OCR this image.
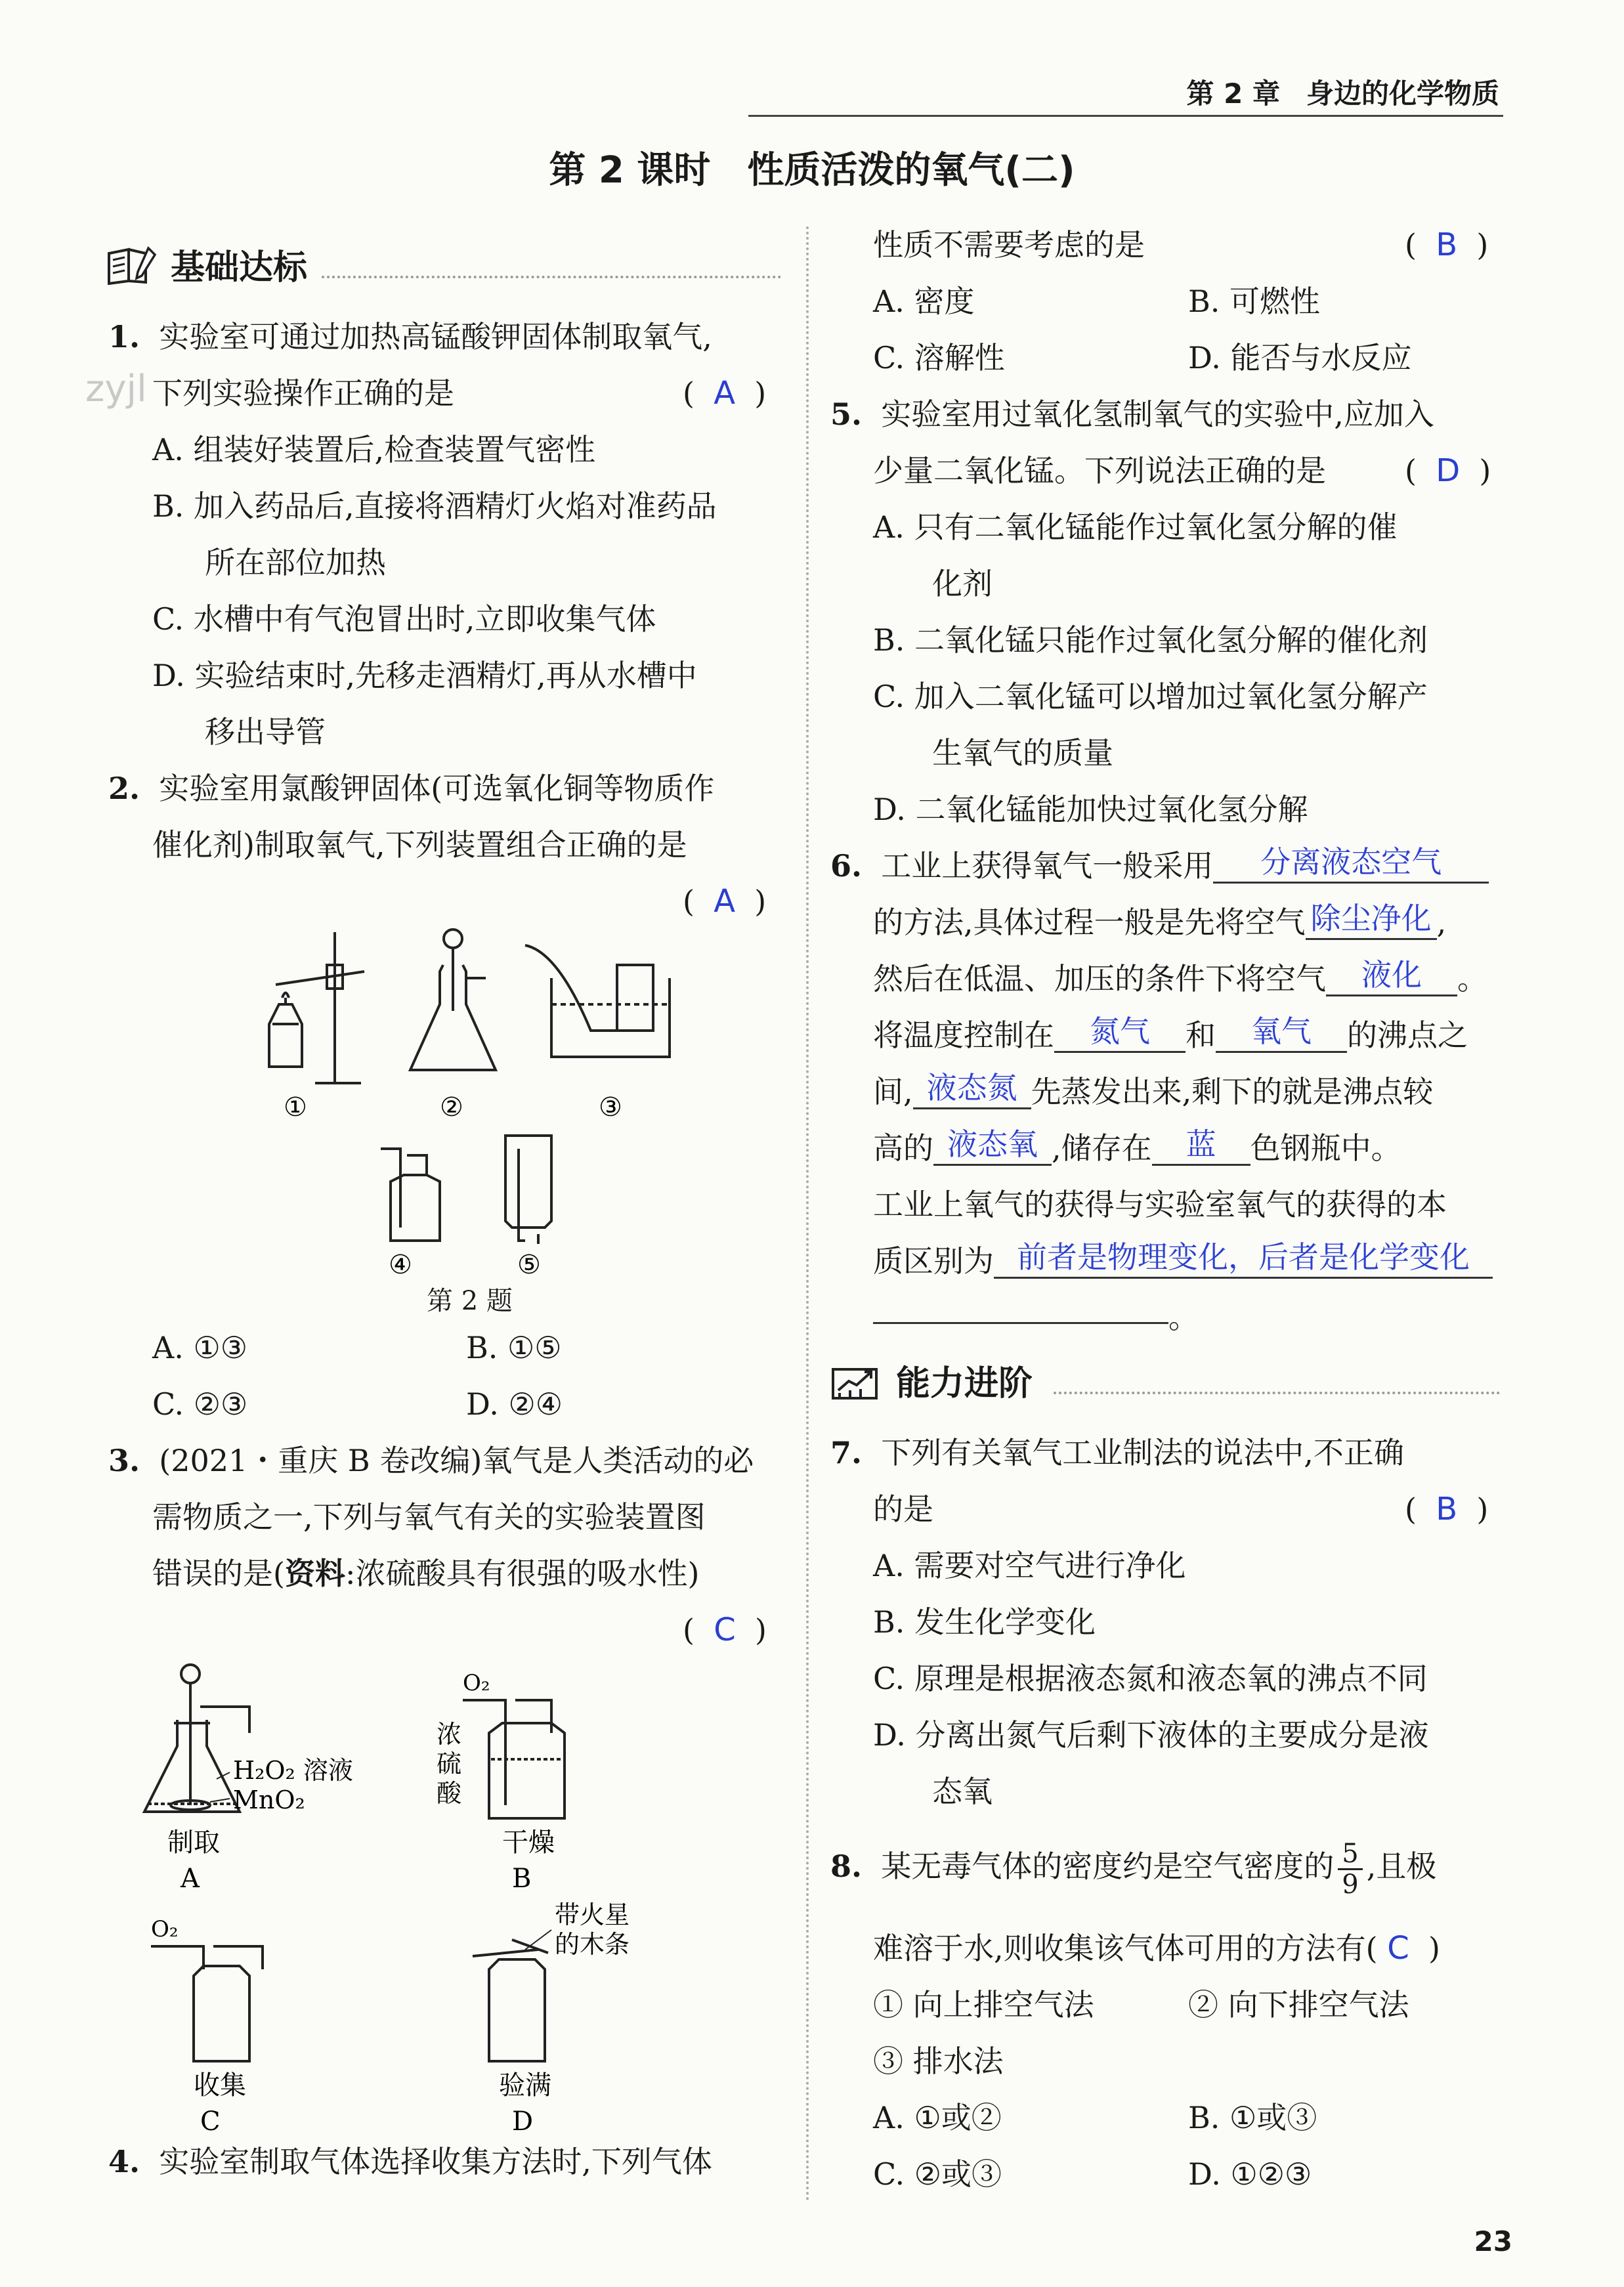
第 2 章 身边的化学物质
第 2 课时　性质活泼的氧气(二)
zyjl
基础达标
1. 实验室可通过加热高锰酸钾固体制取氧气,
下列实验操作正确的是	(  A  )
A. 组装好装置后,检查装置气密性
B. 加入药品后,直接将酒精灯火焰对准药品
所在部位加热
C. 水槽中有气泡冒出时,立即收集气体
D. 实验结束时,先移走酒精灯,再从水槽中
移出导管
2. 实验室用氯酸钾固体(可选氧化铜等物质作
催化剂)制取氧气,下列装置组合正确的是
(  A  )
①	②	③
④	⑤
第 2 题
A. ①③	B. ①⑤
C. ②③	D. ②④
3. (2021・重庆 B 卷改编)氧气是人类活动的必
需物质之一,下列与氧气有关的实验装置图
错误的是(资料:浓硫酸具有很强的吸水性)
(  C  )
H₂O₂ 溶液
MnO₂
制取
A
O₂
浓
硫
酸
干燥
B
O₂
收集
C
带火星
的木条
验满
D
4. 实验室制取气体选择收集方法时,下列气体
性质不需要考虑的是	(  B  )
A. 密度	B. 可燃性
C. 溶解性	D. 能否与水反应
5. 实验室用过氧化氢制氧气的实验中,应加入
少量二氧化锰。下列说法正确的是	(  D  )
A. 只有二氧化锰能作过氧化氢分解的催
化剂
B. 二氧化锰只能作过氧化氢分解的催化剂
C. 加入二氧化锰可以增加过氧化氢分解产
生氧气的质量
D. 二氧化锰能加快过氧化氢分解
6. 工业上获得氧气一般采用 分离液态空气
的方法,具体过程一般是先将空气 除尘净化 ,
然后在低温、加压的条件下将空气 液化 。
将温度控制在 氮气 和 氧气 的沸点之
间, 液态氮 先蒸发出来,剩下的就是沸点较
高的 液态氧 ,储存在 蓝 色钢瓶中。
工业上氧气的获得与实验室氧气的获得的本
质区别为 前者是物理变化，后者是化学变化
。
能力进阶
7. 下列有关氧气工业制法的说法中,不正确
的是	(  B  )
A. 需要对空气进行净化
B. 发生化学变化
C. 原理是根据液态氮和液态氧的沸点不同
D. 分离出氮气后剩下液体的主要成分是液
态氧
8. 某无毒气体的密度约是空气密度的 $\frac{5}{9}$ ,且极
难溶于水,则收集该气体可用的方法有( C  )
① 向上排空气法	② 向下排空气法
③ 排水法
A. ①或②	B. ①或③
C. ②或③	D. ①②③
23
